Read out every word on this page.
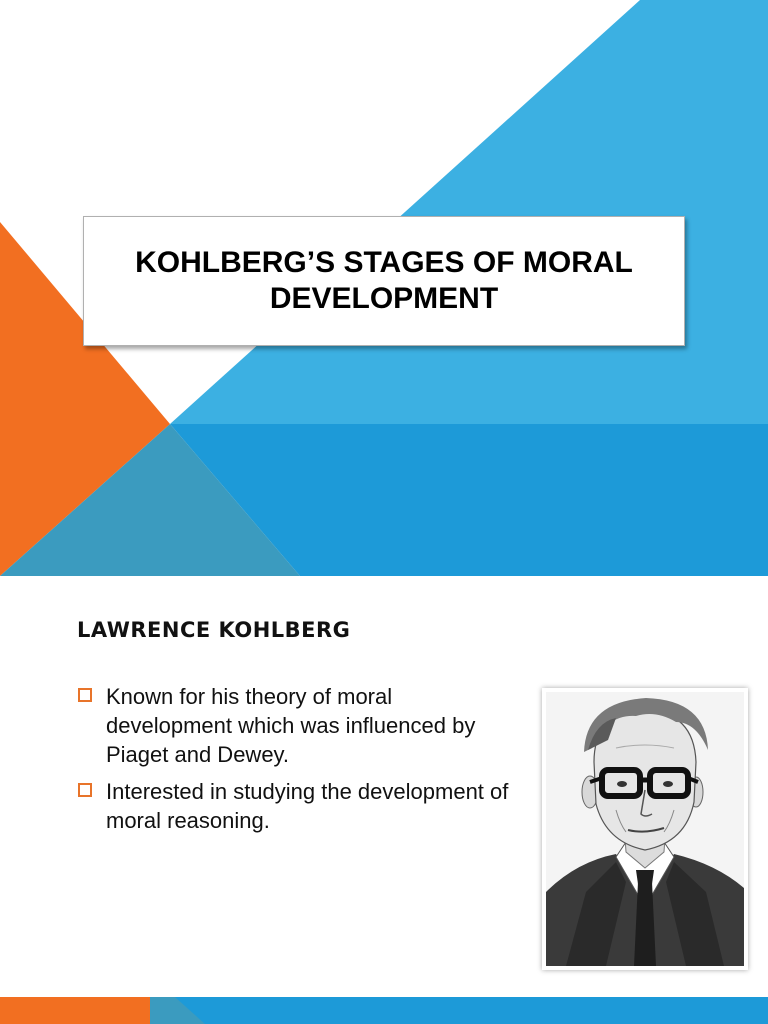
KOHLBERG’S STAGES OF MORAL
DEVELOPMENT
LAWRENCE KOHLBERG
Known for his theory of moral development which was influenced by Piaget and Dewey.
Interested in studying the development of moral reasoning.
